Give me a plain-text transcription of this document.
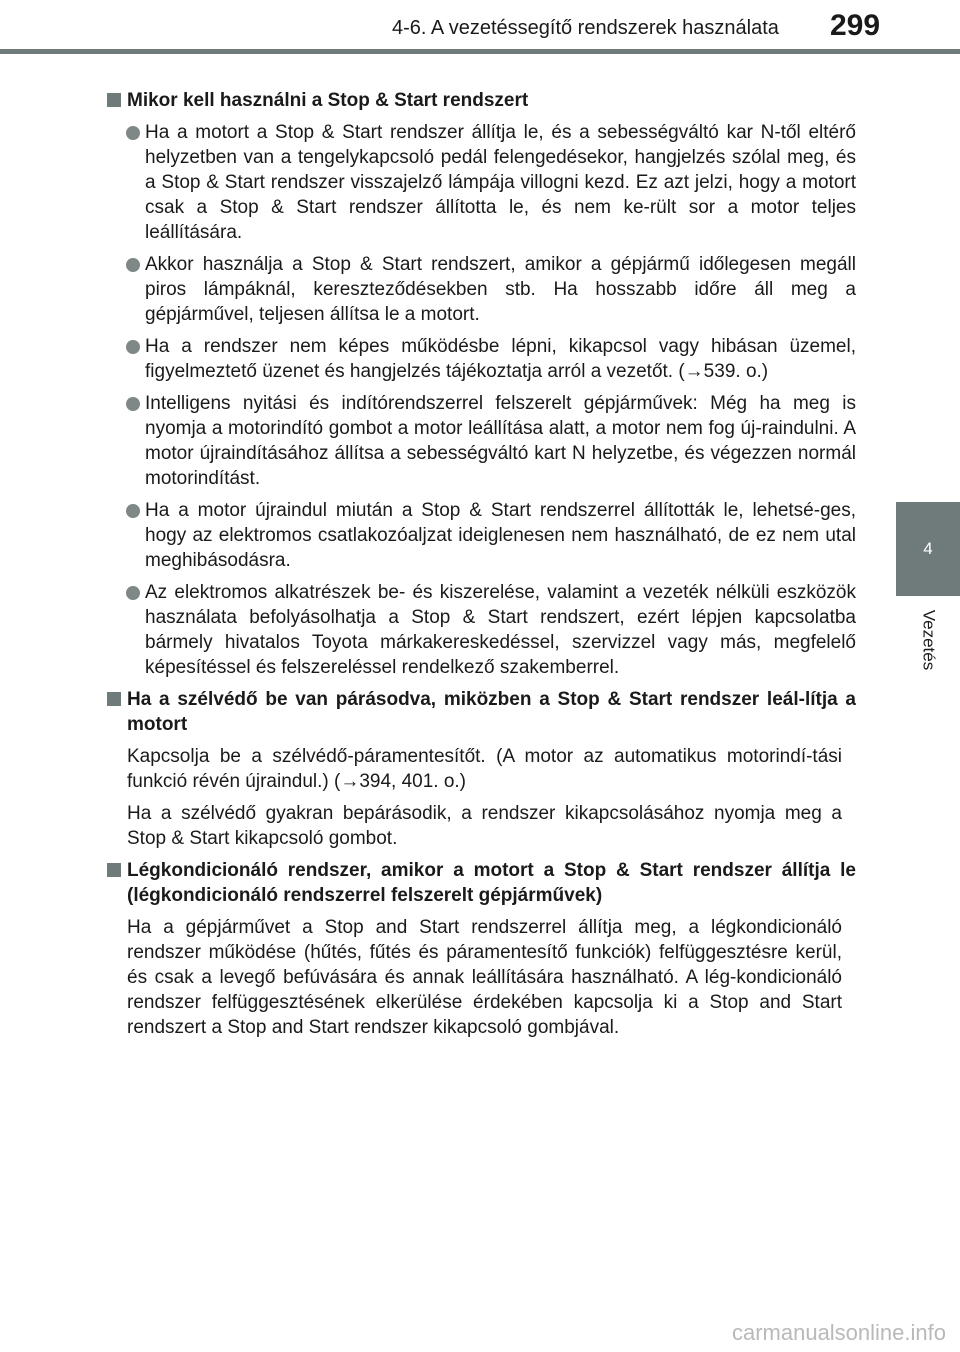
4-6. A vezetéssegítő rendszerek használata 299
4
Vezetés
Mikor kell használni a Stop & Start rendszert
Ha a motort a Stop & Start rendszer állítja le, és a sebességváltó kar N-től eltérő helyzetben van a tengelykapcsoló pedál felengedésekor, hangjelzés szólal meg, és a Stop & Start rendszer visszajelző lámpája villogni kezd. Ez azt jelzi, hogy a motort csak a Stop & Start rendszer állította le, és nem ke-rült sor a motor teljes leállítására.
Akkor használja a Stop & Start rendszert, amikor a gépjármű időlegesen megáll piros lámpáknál, kereszteződésekben stb. Ha hosszabb időre áll meg a gépjárművel, teljesen állítsa le a motort.
Ha a rendszer nem képes működésbe lépni, kikapcsol vagy hibásan üzemel, figyelmeztető üzenet és hangjelzés tájékoztatja arról a vezetőt. (→539. o.)
Intelligens nyitási és indítórendszerrel felszerelt gépjárművek: Még ha meg is nyomja a motorindító gombot a motor leállítása alatt, a motor nem fog új-raindulni. A motor újraindításához állítsa a sebességváltó kart N helyzetbe, és végezzen normál motorindítást.
Ha a motor újraindul miután a Stop & Start rendszerrel állították le, lehetsé-ges, hogy az elektromos csatlakozóaljzat ideiglenesen nem használható, de ez nem utal meghibásodásra.
Az elektromos alkatrészek be- és kiszerelése, valamint a vezeték nélküli eszközök használata befolyásolhatja a Stop & Start rendszert, ezért lépjen kapcsolatba bármely hivatalos Toyota márkakereskedéssel, szervizzel vagy más, megfelelő képesítéssel és felszereléssel rendelkező szakemberrel.
Ha a szélvédő be van párásodva, miközben a Stop & Start rendszer leál-lítja a motort
Kapcsolja be a szélvédő-páramentesítőt. (A motor az automatikus motorindí-tási funkció révén újraindul.) (→394, 401. o.)
Ha a szélvédő gyakran bepárásodik, a rendszer kikapcsolásához nyomja meg a Stop & Start kikapcsoló gombot.
Légkondicionáló rendszer, amikor a motort a Stop & Start rendszer állítja le (légkondicionáló rendszerrel felszerelt gépjárművek)
Ha a gépjárművet a Stop and Start rendszerrel állítja meg, a légkondicionáló rendszer működése (hűtés, fűtés és páramentesítő funkciók) felfüggesztésre kerül, és csak a levegő befúvására és annak leállítására használható. A lég-kondicionáló rendszer felfüggesztésének elkerülése érdekében kapcsolja ki a Stop and Start rendszert a Stop and Start rendszer kikapcsoló gombjával.
carmanualsonline.info
